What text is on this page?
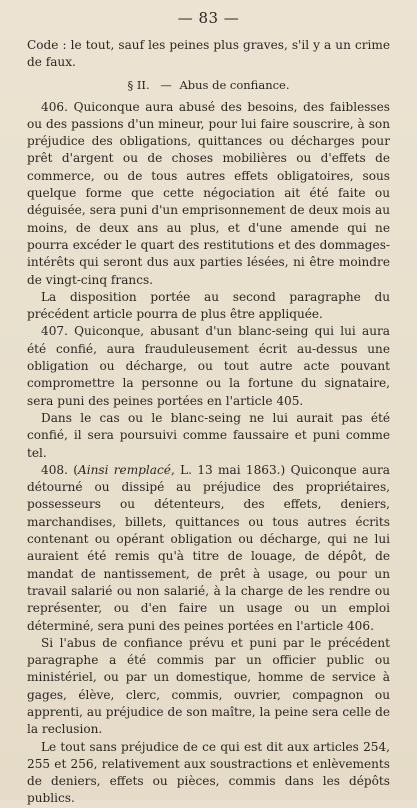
— 83 —

Code : le tout, sauf les peines plus graves, s'il y a un crime de faux.

§ II. — Abus de confiance.

406. Quiconque aura abusé des besoins, des faiblesses ou des passions d'un mineur, pour lui faire souscrire, à son préjudice des obligations, quittances ou décharges pour prêt d'argent ou de choses mobilières ou d'effets de commerce, ou de tous autres effets obligatoires, sous quelque forme que cette négociation ait été faite ou déguisée, sera puni d'un emprisonnement de deux mois au moins, de deux ans au plus, et d'une amende qui ne pourra excéder le quart des restitutions et des dommages-intérêts qui seront dus aux parties lésées, ni être moindre de vingt-cinq francs.

La disposition portée au second paragraphe du précédent article pourra de plus être appliquée.

407. Quiconque, abusant d'un blanc-seing qui lui aura été confié, aura frauduleusement écrit au-dessus une obligation ou décharge, ou tout autre acte pouvant compromettre la personne ou la fortune du signataire, sera puni des peines portées en l'article 405.

Dans le cas ou le blanc-seing ne lui aurait pas été confié, il sera poursuivi comme faussaire et puni comme tel.

408. (Ainsi remplacé, L. 13 mai 1863.) Quiconque aura détourné ou dissipé au préjudice des propriétaires, possesseurs ou détenteurs, des effets, deniers, marchandises, billets, quittances ou tous autres écrits contenant ou opérant obligation ou décharge, qui ne lui auraient été remis qu'à titre de louage, de dépôt, de mandat de nantissement, de prêt à usage, ou pour un travail salarié ou non salarié, à la charge de les rendre ou représenter, ou d'en faire un usage ou un emploi déterminé, sera puni des peines portées en l'article 406.

Si l'abus de confiance prévu et puni par le précédent paragraphe a été commis par un officier public ou ministériel, ou par un domestique, homme de service à gages, élève, clerc, commis, ouvrier, compagnon ou apprenti, au préjudice de son maître, la peine sera celle de la reclusion.

Le tout sans préjudice de ce qui est dit aux articles 254, 255 et 256, relativement aux soustractions et enlèvements de deniers, effets ou pièces, commis dans les dépôts publics.
